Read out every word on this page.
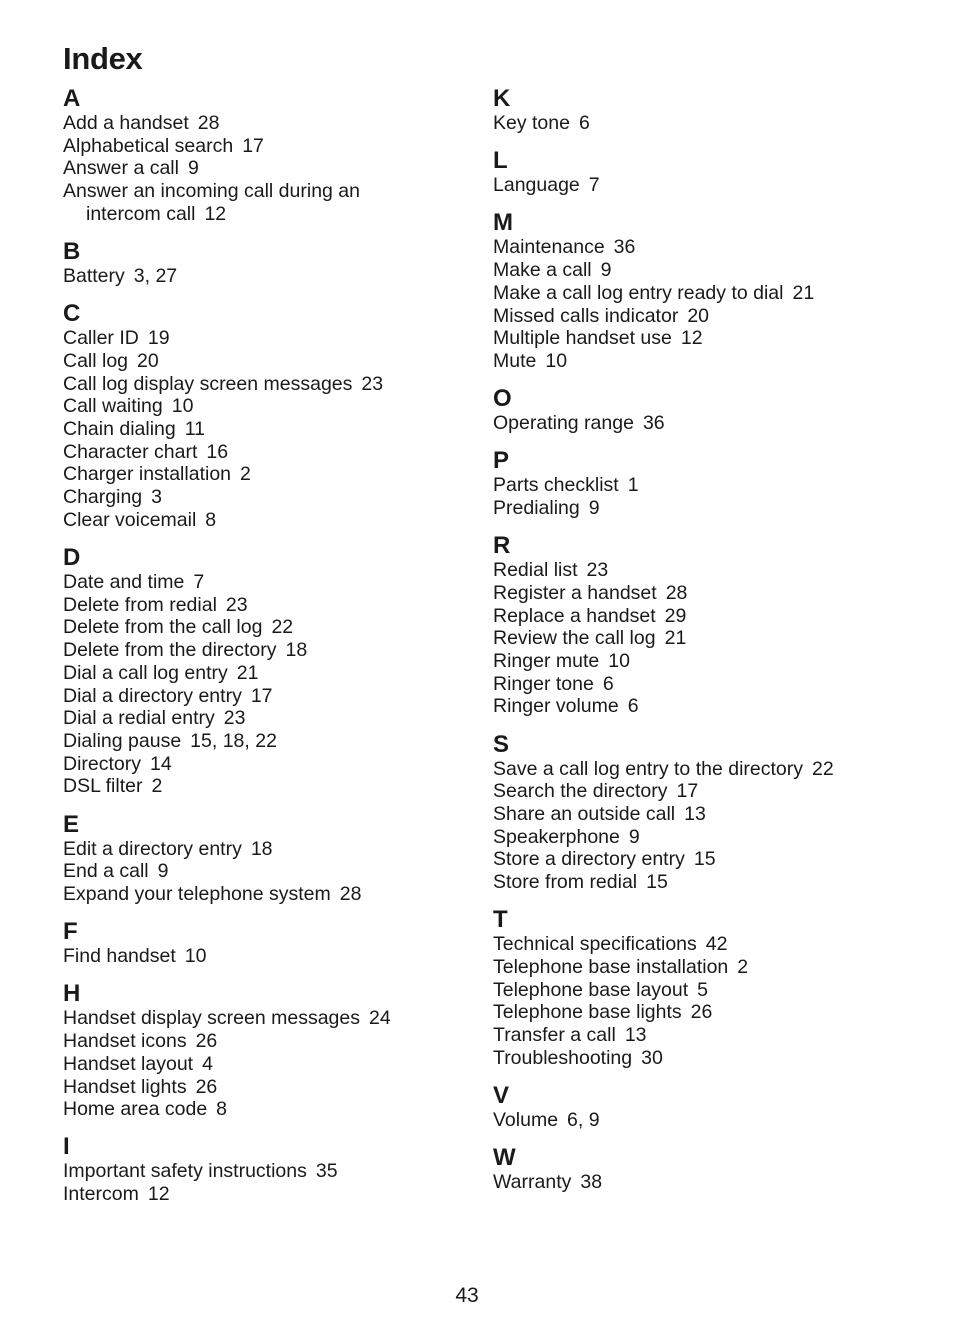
Index
A
Add a handset 28
Alphabetical search 17
Answer a call 9
Answer an incoming call during an
intercom call 12
B
Battery 3, 27
C
Caller ID 19
Call log 20
Call log display screen messages 23
Call waiting 10
Chain dialing 11
Character chart 16
Charger installation 2
Charging 3
Clear voicemail 8
D
Date and time 7
Delete from redial 23
Delete from the call log 22
Delete from the directory 18
Dial a call log entry 21
Dial a directory entry 17
Dial a redial entry 23
Dialing pause 15, 18, 22
Directory 14
DSL filter 2
E
Edit a directory entry 18
End a call 9
Expand your telephone system 28
F
Find handset 10
H
Handset display screen messages 24
Handset icons 26
Handset layout 4
Handset lights 26
Home area code 8
I
Important safety instructions 35
Intercom 12
K
Key tone 6
L
Language 7
M
Maintenance 36
Make a call 9
Make a call log entry ready to dial 21
Missed calls indicator 20
Multiple handset use 12
Mute 10
O
Operating range 36
P
Parts checklist 1
Predialing 9
R
Redial list 23
Register a handset 28
Replace a handset 29
Review the call log 21
Ringer mute 10
Ringer tone 6
Ringer volume 6
S
Save a call log entry to the directory 22
Search the directory 17
Share an outside call 13
Speakerphone 9
Store a directory entry 15
Store from redial 15
T
Technical specifications 42
Telephone base installation 2
Telephone base layout 5
Telephone base lights 26
Transfer a call 13
Troubleshooting 30
V
Volume 6, 9
W
Warranty 38
43
